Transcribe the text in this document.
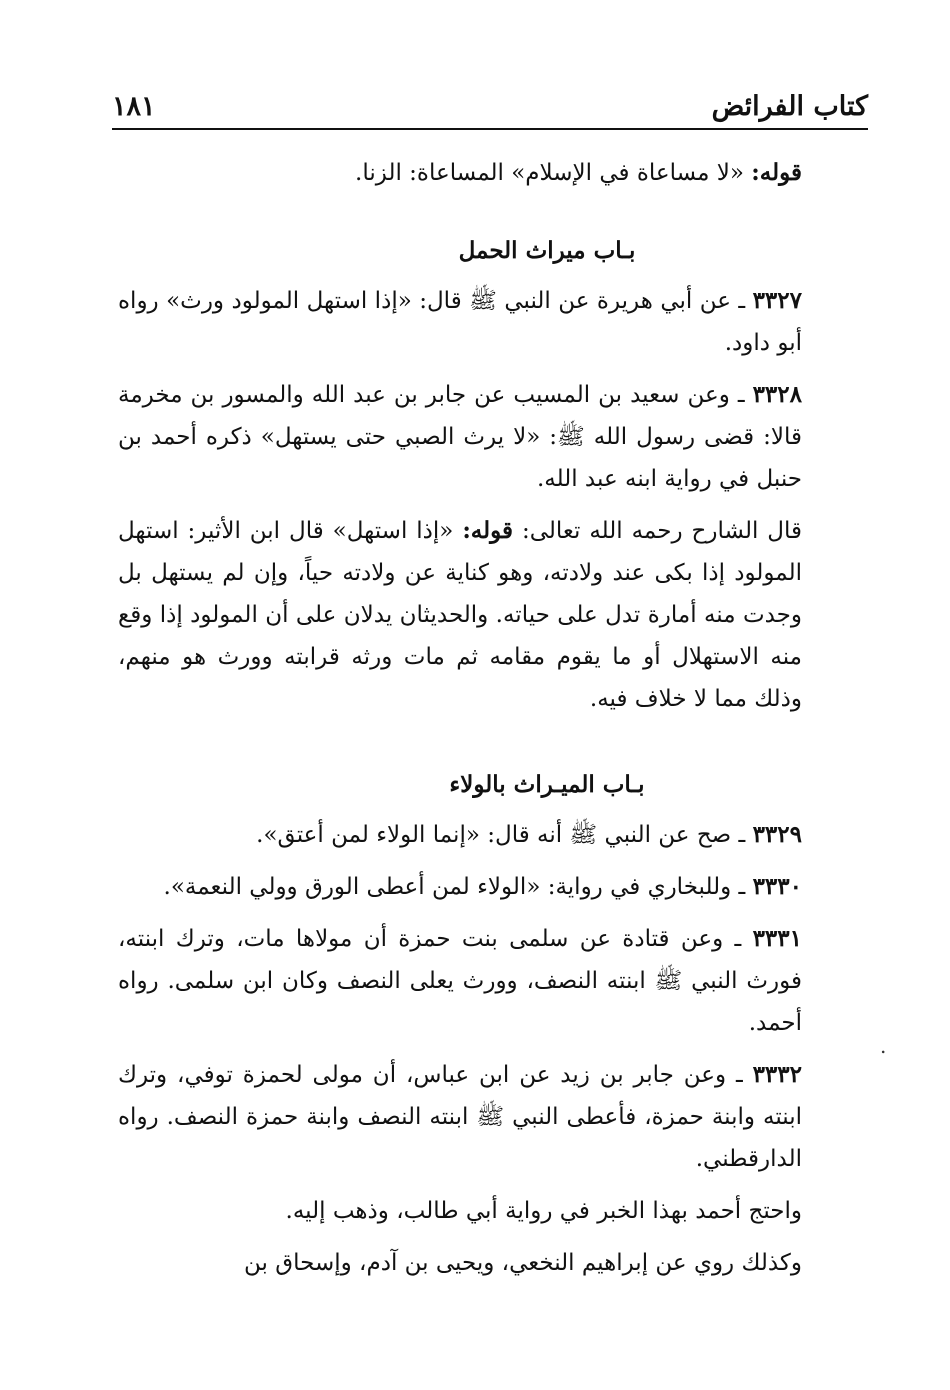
١٨١	كتاب الفرائض

قوله: «لا مساعاة في الإسلام» المساعاة: الزنا.

بـاب ميراث الحمل

٣٣٢٧ ـ عن أبي هريرة عن النبي ﷺ قال: «إذا استهل المولود ورث» رواه أبو داود.

٣٣٢٨ ـ وعن سعيد بن المسيب عن جابر بن عبد الله والمسور بن مخرمة قالا: قضى رسول الله ﷺ: «لا يرث الصبي حتى يستهل» ذكره أحمد بن حنبل في رواية ابنه عبد الله.

قال الشارح رحمه الله تعالى: قوله: «إذا استهل» قال ابن الأثير: استهل المولود إذا بكى عند ولادته، وهو كناية عن ولادته حياً، وإن لم يستهل بل وجدت منه أمارة تدل على حياته. والحديثان يدلان على أن المولود إذا وقع منه الاستهلال أو ما يقوم مقامه ثم مات ورثه قرابته وورث هو منهم، وذلك مما لا خلاف فيه.

بـاب الميـراث بالولاء

٣٣٢٩ ـ صح عن النبي ﷺ أنه قال: «إنما الولاء لمن أعتق».

٣٣٣٠ ـ وللبخاري في رواية: «الولاء لمن أعطى الورق وولي النعمة».

٣٣٣١ ـ وعن قتادة عن سلمى بنت حمزة أن مولاها مات، وترك ابنته، فورث النبي ﷺ ابنته النصف، وورث يعلى النصف وكان ابن سلمى. رواه أحمد.

٣٣٣٢ ـ وعن جابر بن زيد عن ابن عباس، أن مولى لحمزة توفي، وترك ابنته وابنة حمزة، فأعطى النبي ﷺ ابنته النصف وابنة حمزة النصف. رواه الدارقطني.

واحتج أحمد بهذا الخبر في رواية أبي طالب، وذهب إليه.

وكذلك روي عن إبراهيم النخعي، ويحيى بن آدم، وإسحاق بن

.
